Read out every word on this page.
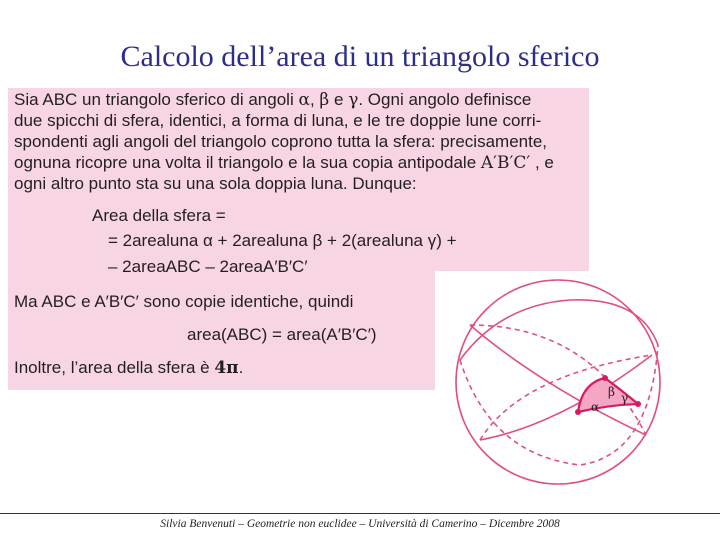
Calcolo dell’area di un triangolo sferico
Sia ABC un triangolo sferico di angoli α, β e γ. Ogni angolo definisce
due spicchi di sfera, identici, a forma di luna, e le tre doppie lune corri-
spondenti agli angoli del triangolo coprono tutta la sfera: precisamente,
ognuna ricopre una volta il triangolo e la sua copia antipodale A′B′C′ , e
ogni altro punto sta su una sola doppia luna. Dunque:
Area della sfera =
= 2arealuna α + 2arealuna β + 2(arealuna γ) +
– 2areaABC – 2areaA′B′C′
Ma ABC e A′B′C′ sono copie identiche, quindi
area(ABC) = area(A′B′C′)
Inoltre, l’area della sfera è 4π.
α
β γ
Silvia Benvenuti – Geometrie non euclidee – Università di Camerino – Dicembre 2008
